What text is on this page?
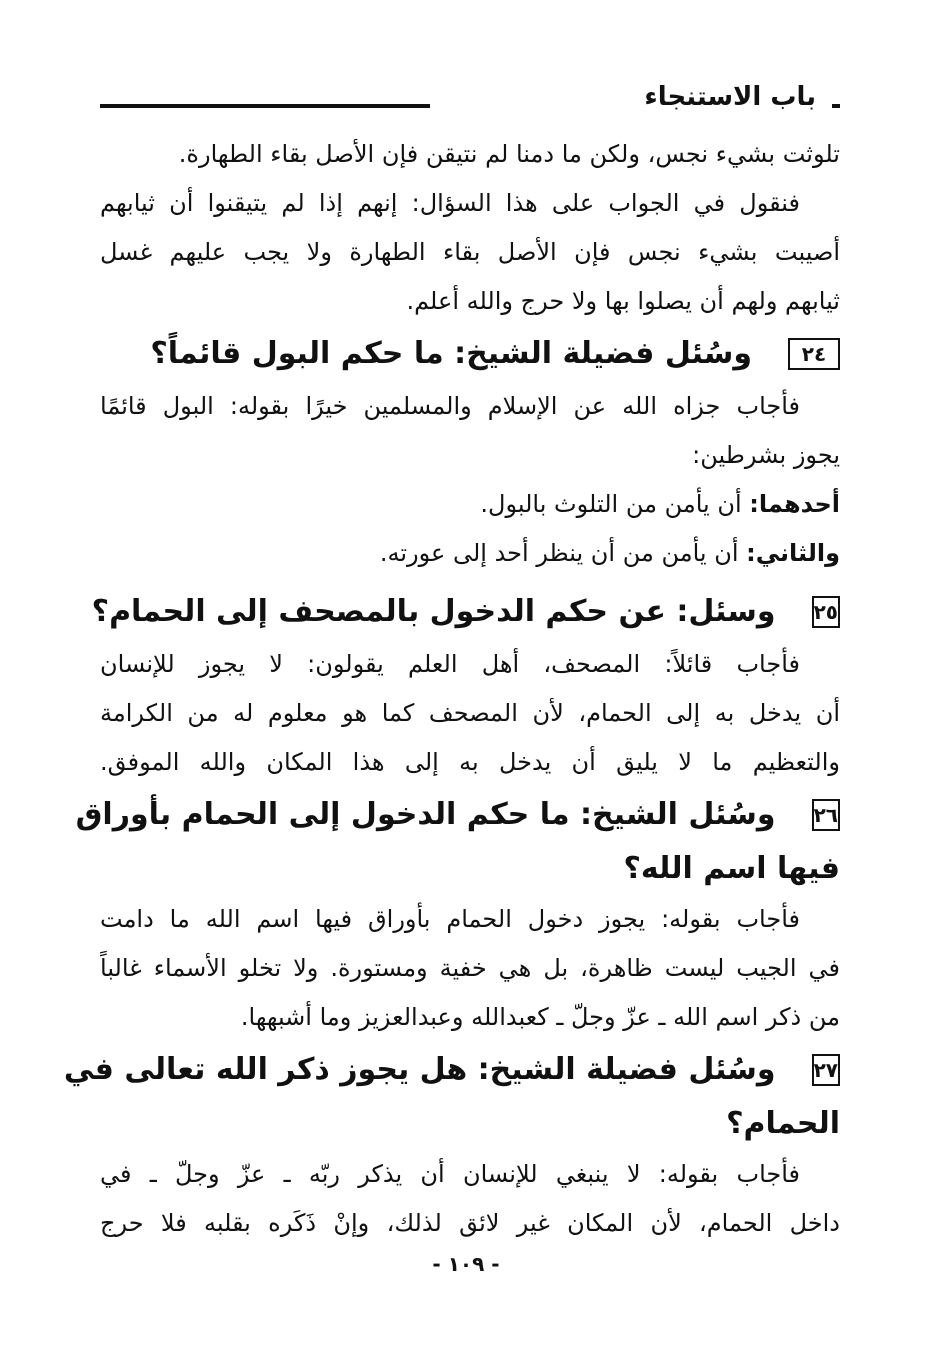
باب الاستنجاء
تلوثت بشيء نجس، ولكن ما دمنا لم نتيقن فإن الأصل بقاء الطهارة.
فنقول في الجواب على هذا السؤال: إنهم إذا لم يتيقنوا أن ثيابهم
أصيبت بشيء نجس فإن الأصل بقاء الطهارة ولا يجب عليهم غسل
ثيابهم ولهم أن يصلوا بها ولا حرج والله أعلم.
٢٤
وسُئل فضيلة الشيخ: ما حكم البول قائماً؟
فأجاب جزاه الله عن الإسلام والمسلمين خيرًا بقوله: البول قائمًا
يجوز بشرطين:
أحدهما: أن يأمن من التلوث بالبول.
والثاني: أن يأمن من أن ينظر أحد إلى عورته.
٢٥
وسئل: عن حكم الدخول بالمصحف إلى الحمام؟
فأجاب قائلاً: المصحف، أهل العلم يقولون: لا يجوز للإنسان
أن يدخل به إلى الحمام، لأن المصحف كما هو معلوم له من الكرامة
والتعظيم ما لا يليق أن يدخل به إلى هذا المكان والله الموفق.
٢٦
وسُئل الشيخ: ما حكم الدخول إلى الحمام بأوراق
فيها اسم الله؟
فأجاب بقوله: يجوز دخول الحمام بأوراق فيها اسم الله ما دامت
في الجيب ليست ظاهرة، بل هي خفية ومستورة. ولا تخلو الأسماء غالباً
من ذكر اسم الله ـ عزّ وجلّ ـ كعبدالله وعبدالعزيز وما أشبهها.
٢٧
وسُئل فضيلة الشيخ: هل يجوز ذكر الله تعالى في
الحمام؟
فأجاب بقوله: لا ينبغي للإنسان أن يذكر ربّه ـ عزّ وجلّ ـ في
داخل الحمام، لأن المكان غير لائق لذلك، وإنْ ذَكَره بقلبه فلا حرج
- ١٠٩ -
